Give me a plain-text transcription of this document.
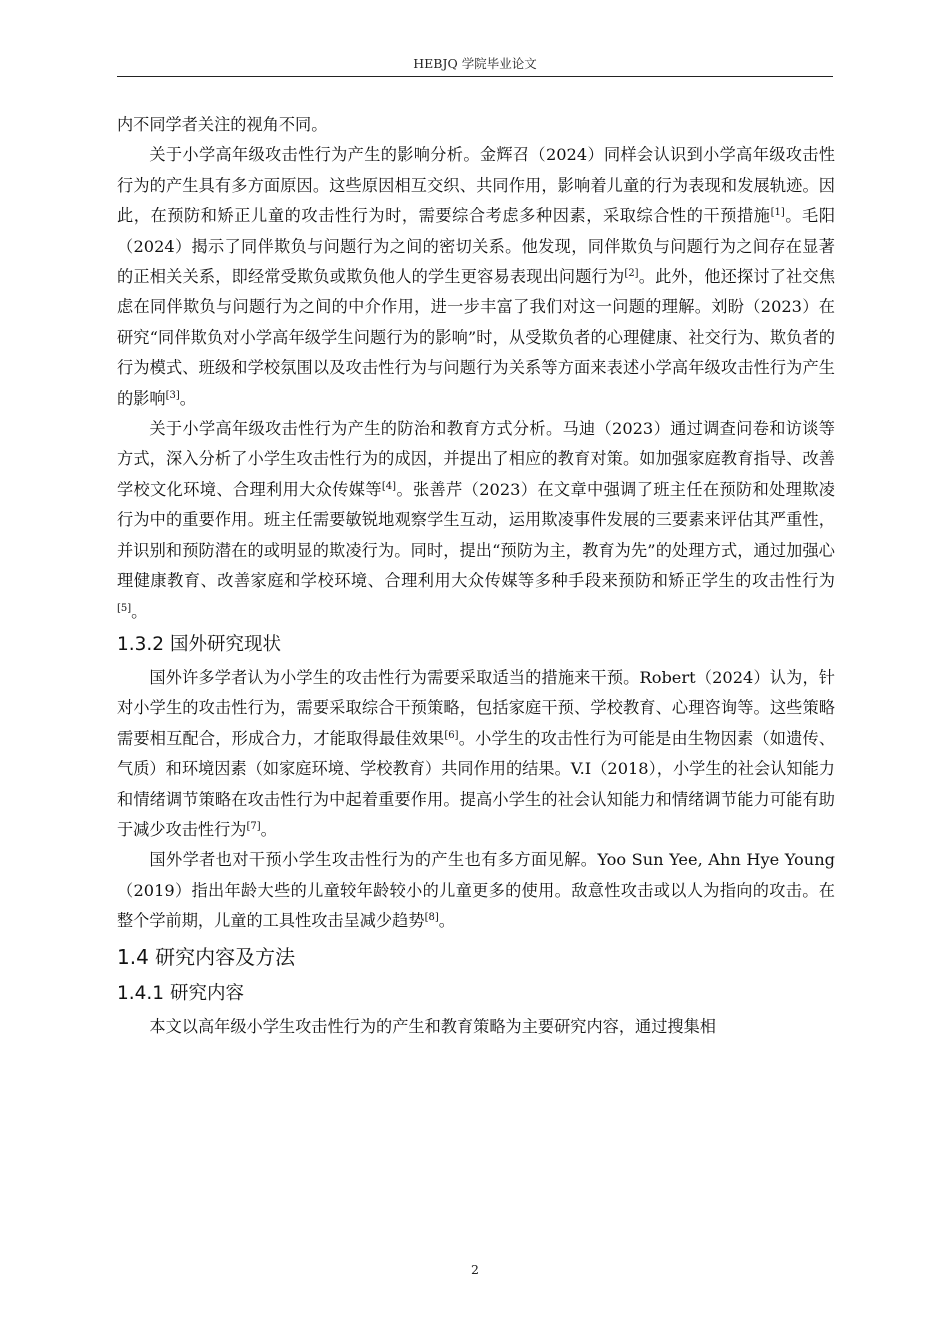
HEBJQ 学院毕业论文

内不同学者关注的视角不同。

关于小学高年级攻击性行为产生的影响分析。金辉召（2024）同样会认识到小学高年级攻击性行为的产生具有多方面原因。这些原因相互交织、共同作用，影响着儿童的行为表现和发展轨迹。因此，在预防和矫正儿童的攻击性行为时，需要综合考虑多种因素，采取综合性的干预措施[1]。毛阳（2024）揭示了同伴欺负与问题行为之间的密切关系。他发现，同伴欺负与问题行为之间存在显著的正相关关系，即经常受欺负或欺负他人的学生更容易表现出问题行为[2]。此外，他还探讨了社交焦虑在同伴欺负与问题行为之间的中介作用，进一步丰富了我们对这一问题的理解。刘盼（2023）在研究“同伴欺负对小学高年级学生问题行为的影响”时，从受欺负者的心理健康、社交行为、欺负者的行为模式、班级和学校氛围以及攻击性行为与问题行为关系等方面来表述小学高年级攻击性行为产生的影响[3]。

关于小学高年级攻击性行为产生的防治和教育方式分析。马迪（2023）通过调查问卷和访谈等方式，深入分析了小学生攻击性行为的成因，并提出了相应的教育对策。如加强家庭教育指导、改善学校文化环境、合理利用大众传媒等[4]。张善芹（2023）在文章中强调了班主任在预防和处理欺凌行为中的重要作用。班主任需要敏锐地观察学生互动，运用欺凌事件发展的三要素来评估其严重性，并识别和预防潜在的或明显的欺凌行为。同时，提出“预防为主，教育为先”的处理方式，通过加强心理健康教育、改善家庭和学校环境、合理利用大众传媒等多种手段来预防和矫正学生的攻击性行为[5]。

1.3.2 国外研究现状

国外许多学者认为小学生的攻击性行为需要采取适当的措施来干预。Robert（2024）认为，针对小学生的攻击性行为，需要采取综合干预策略，包括家庭干预、学校教育、心理咨询等。这些策略需要相互配合，形成合力，才能取得最佳效果[6]。小学生的攻击性行为可能是由生物因素（如遗传、气质）和环境因素（如家庭环境、学校教育）共同作用的结果。V.I（2018），小学生的社会认知能力和情绪调节策略在攻击性行为中起着重要作用。提高小学生的社会认知能力和情绪调节能力可能有助于减少攻击性行为[7]。

国外学者也对干预小学生攻击性行为的产生也有多方面见解。Yoo Sun Yee, Ahn Hye Young（2019）指出年龄大些的儿童较年龄较小的儿童更多的使用。敌意性攻击或以人为指向的攻击。在整个学前期，儿童的工具性攻击呈减少趋势[8]。

1.4 研究内容及方法
1.4.1 研究内容

本文以高年级小学生攻击性行为的产生和教育策略为主要研究内容，通过搜集相

2
